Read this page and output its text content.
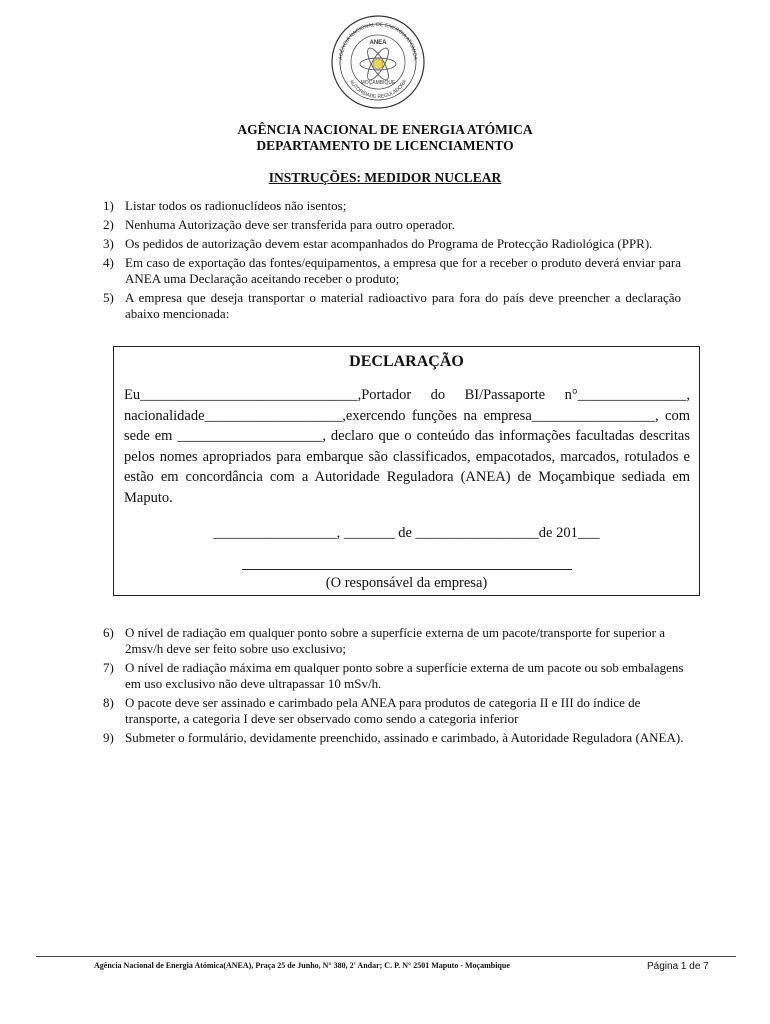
AGÊNCIA NACIONAL DE ENERGIA ATÓMICA
AUTORIDADE REGULADORA
ANEA
MOÇAMBIQUE
AGÊNCIA NACIONAL DE ENERGIA ATÓMICA
DEPARTAMENTO DE LICENCIAMENTO
INSTRUÇÕES: MEDIDOR NUCLEAR
1) Listar todos os radionuclídeos não isentos;
2) Nenhuma Autorização deve ser transferida para outro operador.
3) Os pedidos de autorização devem estar acompanhados do Programa de Protecção Radiológica (PPR).
4) Em caso de exportação das fontes/equipamentos, a empresa que for a receber o produto deverá enviar para ANEA uma Declaração aceitando receber o produto;
5) A empresa que deseja transportar o material radioactivo para fora do país deve preencher a declaração abaixo mencionada:
DECLARAÇÃO
Eu______________________________,Portador do BI/Passaporte n°_______________, nacionalidade___________________,exercendo funções na empresa_________________, com sede em ____________________, declaro que o conteúdo das informações facultadas descritas pelos nomes apropriados para embarque são classificados, empacotados, marcados, rotulados e estão em concordância com a Autoridade Reguladora (ANEA) de Moçambique sediada em Maputo.
_________________, _______ de _________________de 201___
(O responsável da empresa)
6) O nível de radiação em qualquer ponto sobre a superfície externa de um pacote/transporte for superior a 2msv/h deve ser feito sobre uso exclusivo;
7) O nível de radiação máxima em qualquer ponto sobre a superfície externa de um pacote ou sob embalagens em uso exclusivo não deve ultrapassar 10 mSv/h.
8) O pacote deve ser assinado e carimbado pela ANEA para produtos de categoria II e III do índice de transporte, a categoria I deve ser observado como sendo a categoria inferior
9) Submeter o formulário, devidamente preenchido, assinado e carimbado, à Autoridade Reguladora (ANEA).
Agência Nacional de Energia Atómica(ANEA), Praça 25 de Junho, N° 380, 2' Andar; C. P. N° 2501 Maputo - Moçambique	Página 1 de 7
